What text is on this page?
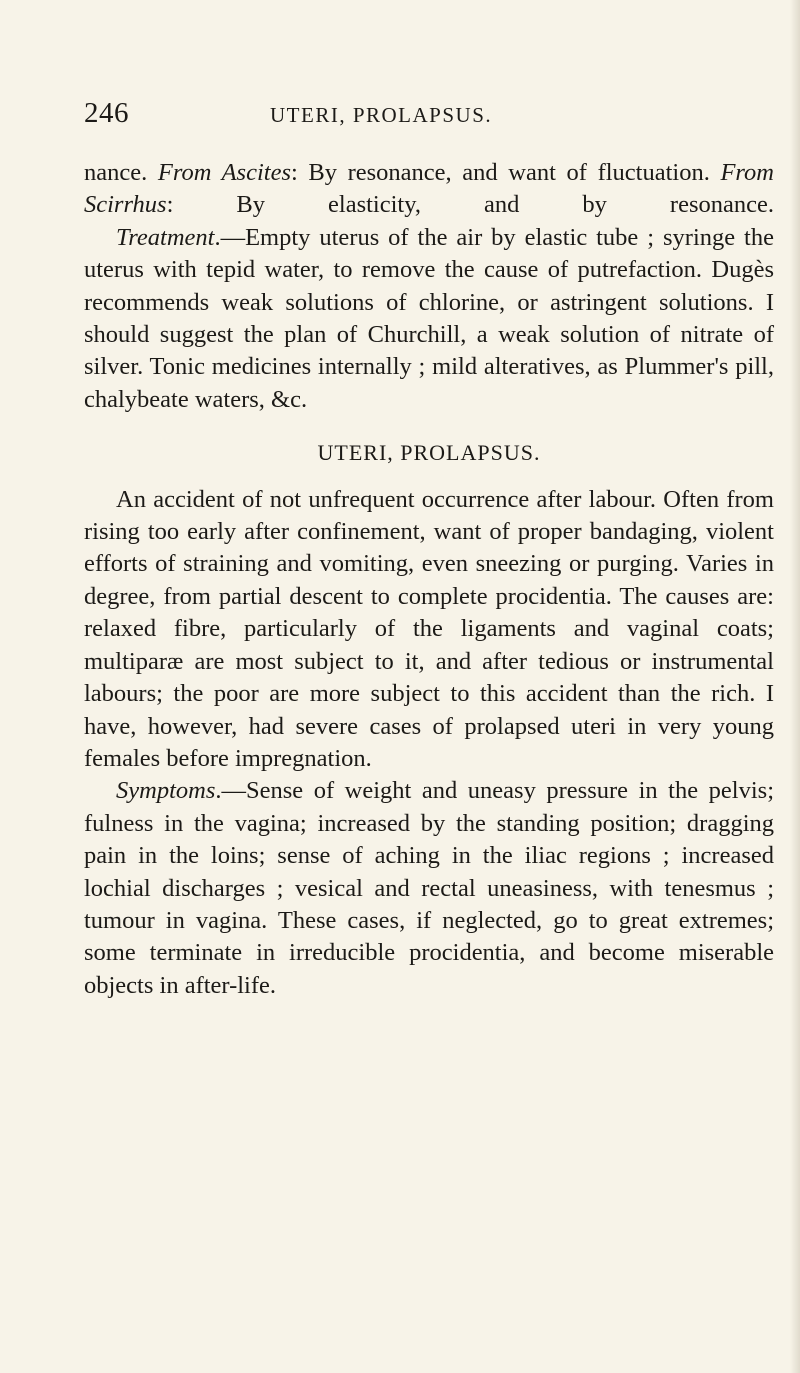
246	UTERI, PROLAPSUS.

nance. From Ascites: By resonance, and want of fluctuation. From Scirrhus: By elasticity, and by resonance.

Treatment.—Empty uterus of the air by elastic tube ; syringe the uterus with tepid water, to remove the cause of putrefaction. Dugès recommends weak solutions of chlorine, or astringent solutions. I should suggest the plan of Churchill, a weak solution of nitrate of silver. Tonic medicines internally ; mild alteratives, as Plummer's pill, chalybeate waters, &c.

UTERI, PROLAPSUS.

An accident of not unfrequent occurrence after labour. Often from rising too early after confinement, want of proper bandaging, violent efforts of straining and vomiting, even sneezing or purging. Varies in degree, from partial descent to complete procidentia. The causes are: relaxed fibre, particularly of the ligaments and vaginal coats; multiparæ are most subject to it, and after tedious or instrumental labours; the poor are more subject to this accident than the rich. I have, however, had severe cases of prolapsed uteri in very young females before impregnation.

Symptoms.—Sense of weight and uneasy pressure in the pelvis; fulness in the vagina; increased by the standing position; dragging pain in the loins; sense of aching in the iliac regions ; increased lochial discharges ; vesical and rectal uneasiness, with tenesmus ; tumour in vagina. These cases, if neglected, go to great extremes; some terminate in irreducible procidentia, and become miserable objects in after-life.
